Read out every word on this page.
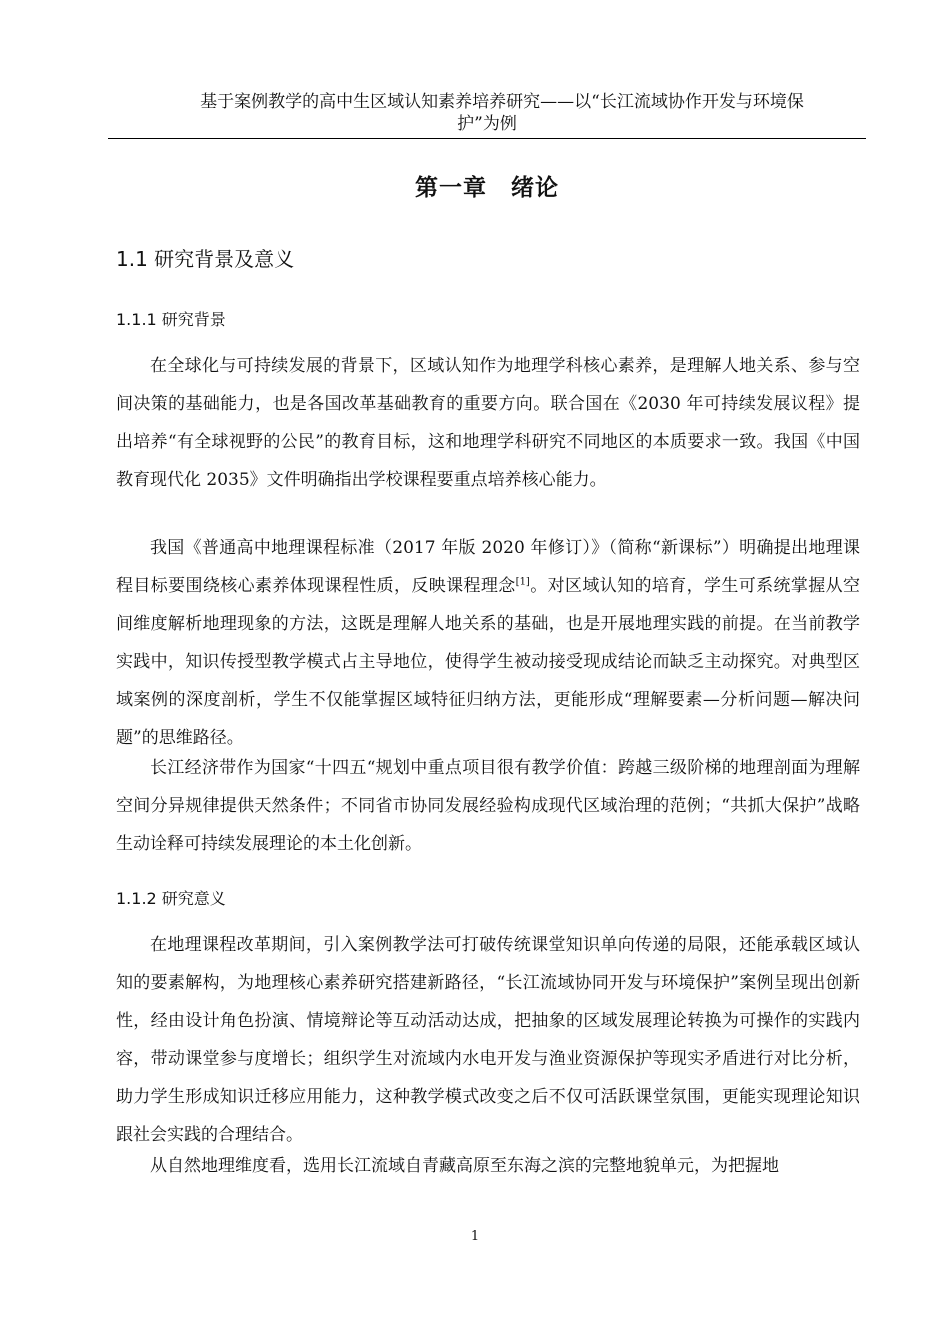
基于案例教学的高中生区域认知素养培养研究——以“长江流域协作开发与环境保
护”为例
第一章　绪论
1.1 研究背景及意义
1.1.1 研究背景

在全球化与可持续发展的背景下，区域认知作为地理学科核心素养，是理解人地关系、参与空间决策的基础能力，也是各国改革基础教育的重要方向。联合国在《2030 年可持续发展议程》提出培养“有全球视野的公民”的教育目标，这和地理学科研究不同地区的本质要求一致。我国《中国教育现代化 2035》文件明确指出学校课程要重点培养核心能力。

我国《普通高中地理课程标准（2017 年版 2020 年修订）》（简称“新课标”）明确提出地理课程目标要围绕核心素养体现课程性质，反映课程理念[1]。对区域认知的培育，学生可系统掌握从空间维度解析地理现象的方法，这既是理解人地关系的基础，也是开展地理实践的前提。在当前教学实践中，知识传授型教学模式占主导地位，使得学生被动接受现成结论而缺乏主动探究。对典型区域案例的深度剖析，学生不仅能掌握区域特征归纳方法，更能形成“理解要素—分析问题—解决问题”的思维路径。

长江经济带作为国家“十四五“规划中重点项目很有教学价值：跨越三级阶梯的地理剖面为理解空间分异规律提供天然条件；不同省市协同发展经验构成现代区域治理的范例；“共抓大保护”战略生动诠释可持续发展理论的本土化创新。

1.1.2 研究意义

在地理课程改革期间，引入案例教学法可打破传统课堂知识单向传递的局限，还能承载区域认知的要素解构，为地理核心素养研究搭建新路径，“长江流域协同开发与环境保护”案例呈现出创新性，经由设计角色扮演、情境辩论等互动活动达成，把抽象的区域发展理论转换为可操作的实践内容，带动课堂参与度增长；组织学生对流域内水电开发与渔业资源保护等现实矛盾进行对比分析，助力学生形成知识迁移应用能力，这种教学模式改变之后不仅可活跃课堂氛围，更能实现理论知识跟社会实践的合理结合。

从自然地理维度看，选用长江流域自青藏高原至东海之滨的完整地貌单元，为把握地

1
